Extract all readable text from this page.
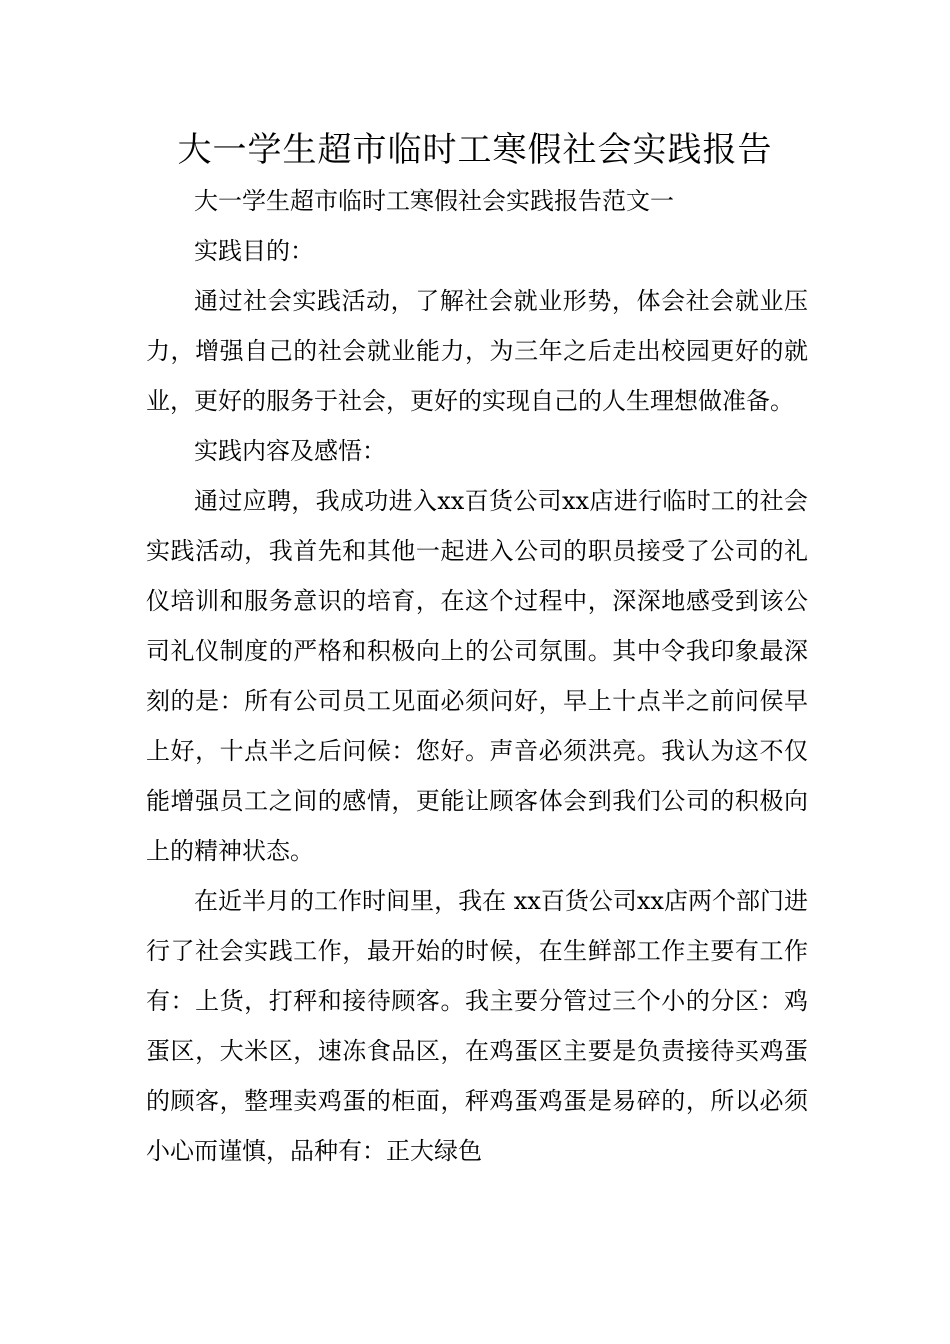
大一学生超市临时工寒假社会实践报告

大一学生超市临时工寒假社会实践报告范文一

实践目的：

通过社会实践活动，了解社会就业形势，体会社会就业压力，增强自己的社会就业能力，为三年之后走出校园更好的就业，更好的服务于社会，更好的实现自己的人生理想做准备。

实践内容及感悟：

通过应聘，我成功进入xx百货公司xx店进行临时工的社会实践活动，我首先和其他一起进入公司的职员接受了公司的礼仪培训和服务意识的培育，在这个过程中，深深地感受到该公司礼仪制度的严格和积极向上的公司氛围。其中令我印象最深刻的是：所有公司员工见面必须问好，早上十点半之前问侯早上好，十点半之后问候：您好。声音必须洪亮。我认为这不仅能增强员工之间的感情，更能让顾客体会到我们公司的积极向上的精神状态。

在近半月的工作时间里，我在 xx百货公司xx店两个部门进行了社会实践工作，最开始的时候，在生鲜部工作主要有工作有：上货，打秤和接待顾客。我主要分管过三个小的分区：鸡蛋区，大米区，速冻食品区，在鸡蛋区主要是负责接待买鸡蛋的顾客，整理卖鸡蛋的柜面，秤鸡蛋鸡蛋是易碎的，所以必须小心而谨慎，品种有：正大绿色
